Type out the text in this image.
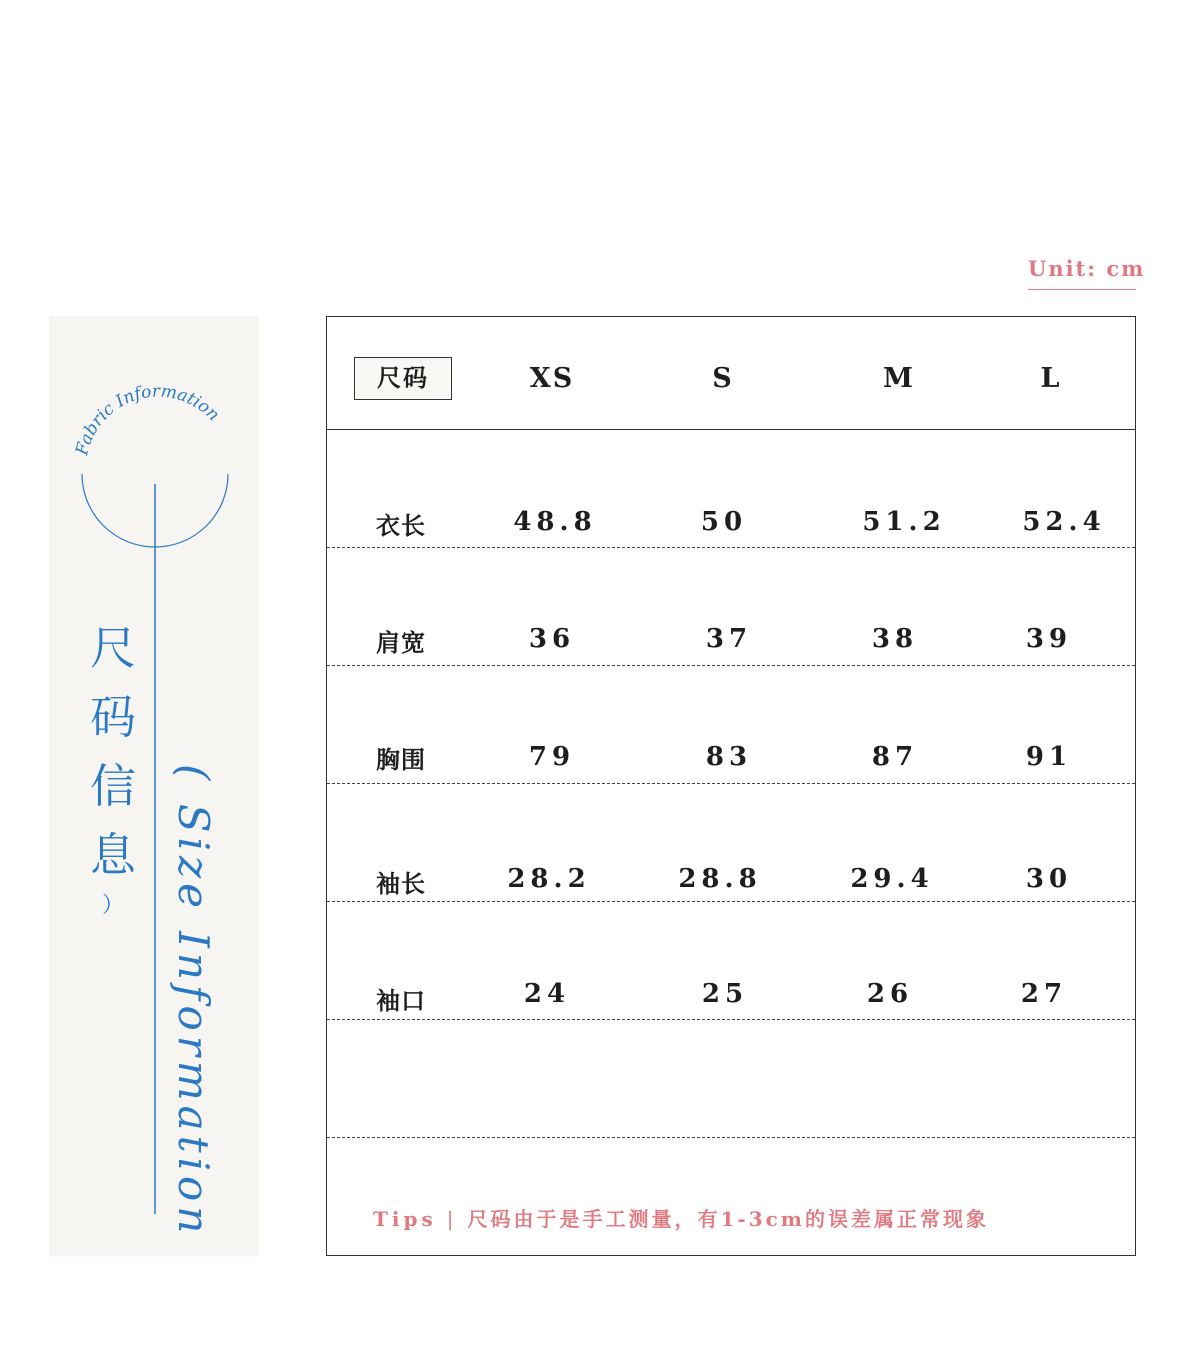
Unit: cm
Fabric Information
( Size Information
尺
码
信
息
）
尺码	XS	S	M	L
衣长	48.8	50	51.2	52.4
肩宽	36	37	38	39
胸围	79	83	87	91
袖长	28.2	28.8	29.4	30
袖口	24	25	26	27
Tips | 尺码由于是手工测量，有1-3cm的误差属正常现象
